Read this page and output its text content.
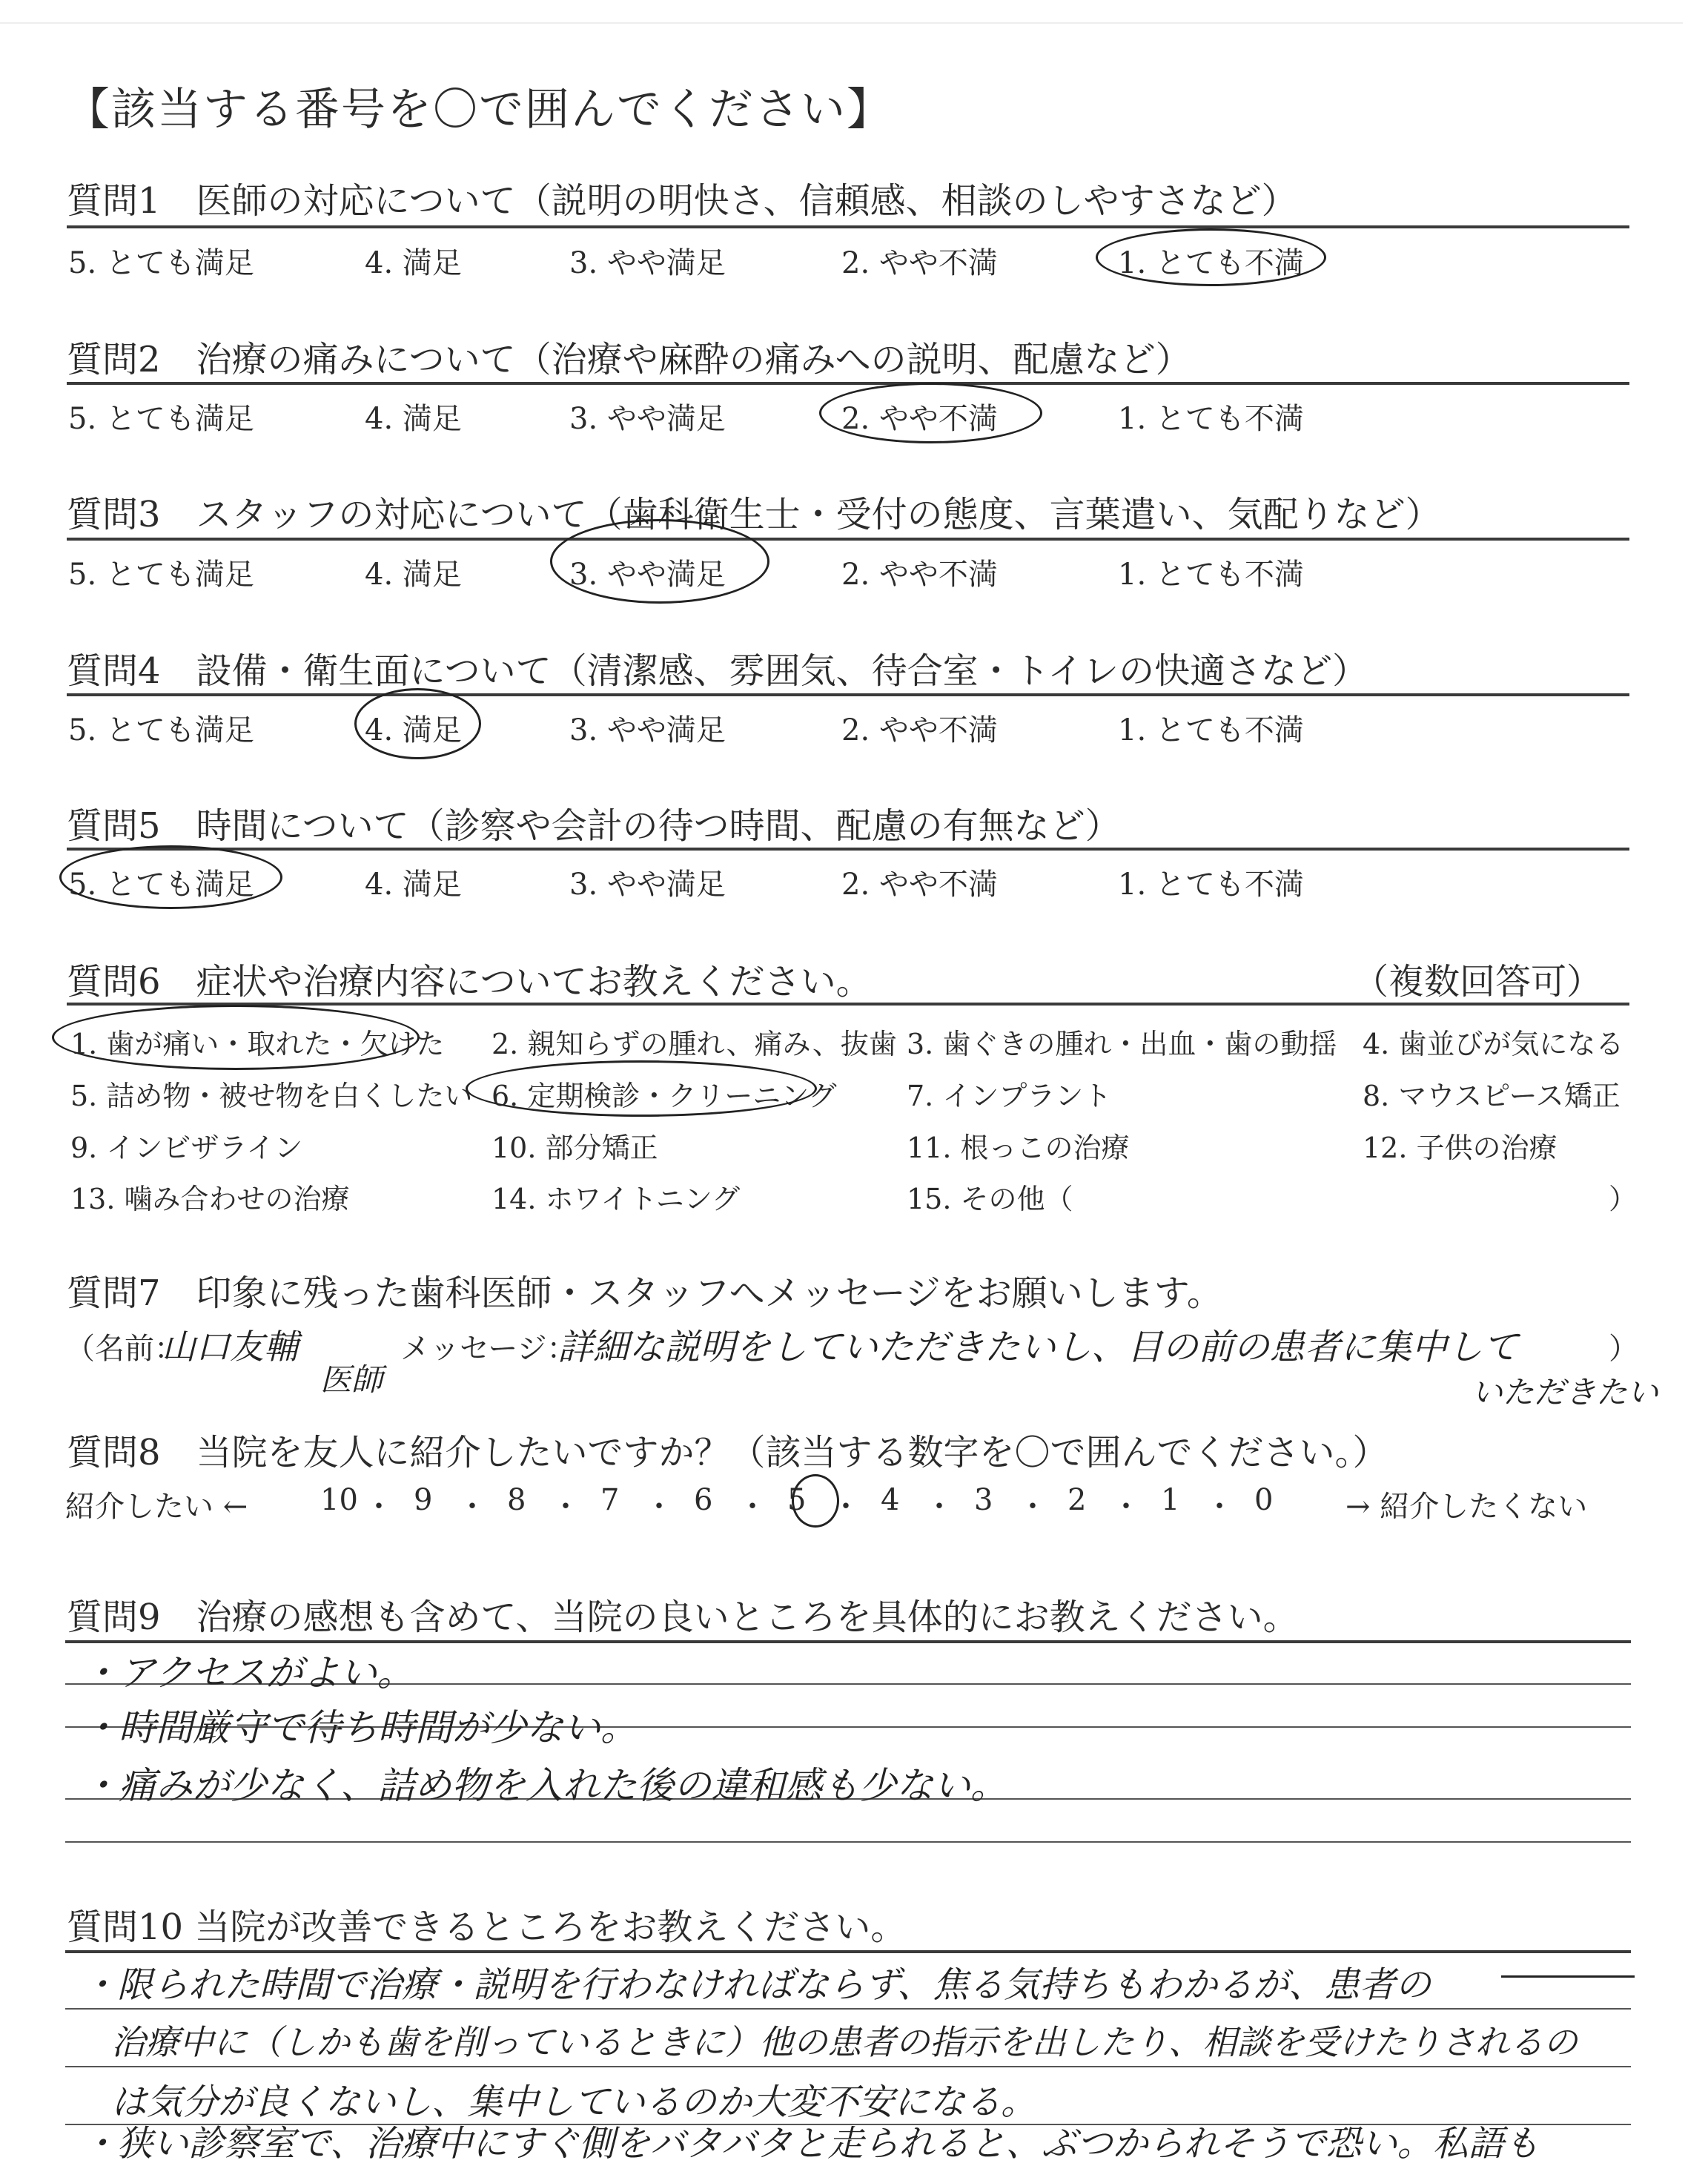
【該当する番号を〇で囲んでください】
質問1　医師の対応について（説明の明快さ、信頼感、相談のしやすさなど）
5. とても満足	4. 満足	3. やや満足	2. やや不満	1. とても不満
質問2　治療の痛みについて（治療や麻酔の痛みへの説明、配慮など）
5. とても満足	4. 満足	3. やや満足	2. やや不満	1. とても不満
質問3　スタッフの対応について（歯科衛生士・受付の態度、言葉遣い、気配りなど）
5. とても満足	4. 満足	3. やや満足	2. やや不満	1. とても不満
質問4　設備・衛生面について（清潔感、雰囲気、待合室・トイレの快適さなど）
5. とても満足	4. 満足	3. やや満足	2. やや不満	1. とても不満
質問5　時間について（診察や会計の待つ時間、配慮の有無など）
5. とても満足	4. 満足	3. やや満足	2. やや不満	1. とても不満
質問6　症状や治療内容についてお教えください。	（複数回答可）
1. 歯が痛い・取れた・欠けた 2. 親知らずの腫れ、痛み、抜歯 3. 歯ぐきの腫れ・出血・歯の動揺 4. 歯並びが気になる
5. 詰め物・被せ物を白くしたい 6. 定期検診・クリーニング 7. インプラント	8. マウスピース矯正
9. インビザライン	10. 部分矯正	11. 根っこの治療	12. 子供の治療
13. 噛み合わせの治療	14. ホワイトニング	15. その他（	）
質問7　印象に残った歯科医師・スタッフへメッセージをお願いします。
（名前：
山口友輔
医師
メッセージ：
詳細な説明をしていただきたいし、目の前の患者に集中して
いただきたい
）
質問8　当院を友人に紹介したいですか？（該当する数字を〇で囲んでください。）
紹介したい ← 10 ・ 9 ・ 8 ・ 7 ・ 6 ・ 5 ・ 4 ・ 3 ・ 2 ・ 1 ・ 0 → 紹介したくない
質問9　治療の感想も含めて、当院の良いところを具体的にお教えください。
・アクセスがよい。
・時間厳守で待ち時間が少ない。
・痛みが少なく、詰め物を入れた後の違和感も少ない。
質問10 当院が改善できるところをお教えください。
・限られた時間で治療・説明を行わなければならず、焦る気持ちもわかるが、患者の
治療中に（しかも歯を削っているときに）他の患者の指示を出したり、相談を受けたりされるの
は気分が良くないし、集中しているのか大変不安になる。
・狭い診察室で、治療中にすぐ側をバタバタと走られると、ぶつかられそうで恐い。私語も
